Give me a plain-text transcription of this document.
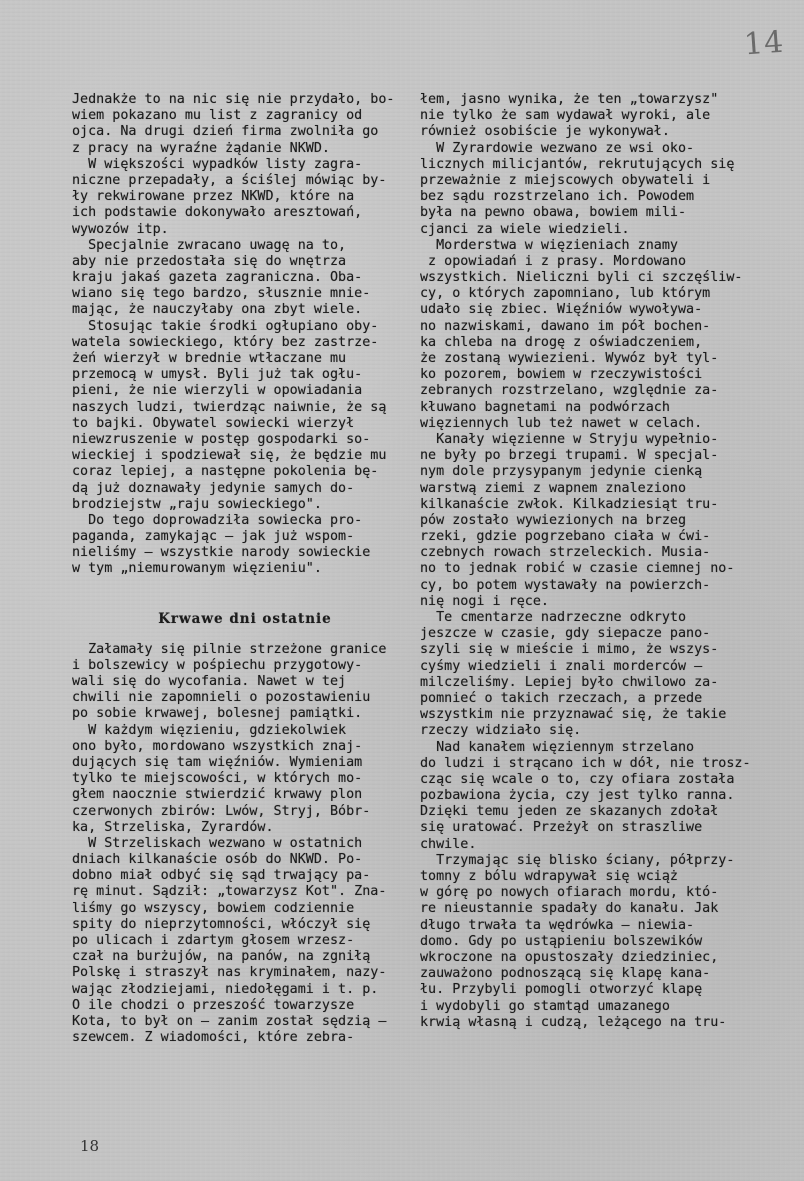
14
Jednakże to na nic się nie przydało, bo-
wiem pokazano mu list z zagranicy od
ojca. Na drugi dzień firma zwolniła go
z pracy na wyraźne żądanie NKWD.
W większości wypadków listy zagra-
niczne przepadały, a ściślej mówiąc by-
ły rekwirowane przez NKWD, które na
ich podstawie dokonywało aresztowań,
wywozów itp.
Specjalnie zwracano uwagę na to,
aby nie przedostała się do wnętrza
kraju jakaś gazeta zagraniczna. Oba-
wiano się tego bardzo, słusznie mnie-
mając, że nauczyłaby ona zbyt wiele.
Stosując takie środki ogłupiano oby-
watela sowieckiego, który bez zastrze-
żeń wierzył w brednie wtłaczane mu
przemocą w umysł. Byli już tak ogłu-
pieni, że nie wierzyli w opowiadania
naszych ludzi, twierdząc naiwnie, że są
to bajki. Obywatel sowiecki wierzył
niewzruszenie w postęp gospodarki so-
wieckiej i spodziewał się, że będzie mu
coraz lepiej, a następne pokolenia bę-
dą już doznawały jedynie samych do-
brodziejstw „raju sowieckiego".
Do tego doprowadziła sowiecka pro-
paganda, zamykając — jak już wspom-
nieliśmy — wszystkie narody sowieckie
w tym „niemurowanym więzieniu".
Krwawe dni ostatnie
Załamały się pilnie strzeżone granice
i bolszewicy w pośpiechu przygotowy-
wali się do wycofania. Nawet w tej
chwili nie zapomnieli o pozostawieniu
po sobie krwawej, bolesnej pamiątki.
W każdym więzieniu, gdziekolwiek
ono było, mordowano wszystkich znaj-
dujących się tam więźniów. Wymieniam
tylko te miejscowości, w których mo-
głem naocznie stwierdzić krwawy plon
czerwonych zbirów: Lwów, Stryj, Bóbr-
ka, Strzeliska, Żyrardów.
W Strzeliskach wezwano w ostatnich
dniach kilkanaście osób do NKWD. Po-
dobno miał odbyć się sąd trwający pa-
rę minut. Sądził: „towarzysz Kot". Zna-
liśmy go wszyscy, bowiem codziennie
spity do nieprzytomności, włóczył się
po ulicach i zdartym głosem wrzesz-
czał na burżujów, na panów, na zgniłą
Polskę i straszył nas kryminałem, nazy-
wając złodziejami, niedołęgami i t. p.
O ile chodzi o przeszość towarzysze
Kota, to był on — zanim został sędzią —
szewcem. Z wiadomości, które zebra-
łem, jasno wynika, że ten „towarzysz"
nie tylko że sam wydawał wyroki, ale
również osobiście je wykonywał.
W Żyrardowie wezwano ze wsi oko-
licznych milicjantów, rekrutujących się
przeważnie z miejscowych obywateli i
bez sądu rozstrzelano ich. Powodem
była na pewno obawa, bowiem mili-
cjanci za wiele wiedzieli.
Morderstwa w więzieniach znamy
z opowiadań i z prasy. Mordowano
wszystkich. Nieliczni byli ci szczęśliw-
cy, o których zapomniano, lub którym
udało się zbiec. Więźniów wywoływa-
no nazwiskami, dawano im pół bochen-
ka chleba na drogę z oświadczeniem,
że zostaną wywiezieni. Wywóz był tyl-
ko pozorem, bowiem w rzeczywistości
zebranych rozstrzelano, względnie za-
kłuwano bagnetami na podwórzach
więziennych lub też nawet w celach.
Kanały więzienne w Stryju wypełnio-
ne były po brzegi trupami. W specjal-
nym dole przysypanym jedynie cienką
warstwą ziemi z wapnem znaleziono
kilkanaście zwłok. Kilkadziesiąt tru-
pów zostało wywiezionych na brzeg
rzeki, gdzie pogrzebano ciała w ćwi-
czebnych rowach strzeleckich. Musia-
no to jednak robić w czasie ciemnej no-
cy, bo potem wystawały na powierzch-
nię nogi i ręce.
Te cmentarze nadrzeczne odkryto
jeszcze w czasie, gdy siepacze pano-
szyli się w mieście i mimo, że wszys-
cyśmy wiedzieli i znali morderców —
milczeliśmy. Lepiej było chwilowo za-
pomnieć o takich rzeczach, a przede
wszystkim nie przyznawać się, że takie
rzeczy widziało się.
Nad kanałem więziennym strzelano
do ludzi i strącano ich w dół, nie trosz-
cząc się wcale o to, czy ofiara została
pozbawiona życia, czy jest tylko ranna.
Dzięki temu jeden ze skazanych zdołał
się uratować. Przeżył on straszliwe
chwile.
Trzymając się blisko ściany, półprzy-
tomny z bólu wdrapywał się wciąż
w górę po nowych ofiarach mordu, któ-
re nieustannie spadały do kanału. Jak
długo trwała ta wędrówka — niewia-
domo. Gdy po ustąpieniu bolszewików
wkroczone na opustoszały dziedziniec,
zauważono podnoszącą się klapę kana-
łu. Przybyli pomogli otworzyć klapę
i wydobyli go stamtąd umazanego
krwią własną i cudzą, leżącego na tru-
18
